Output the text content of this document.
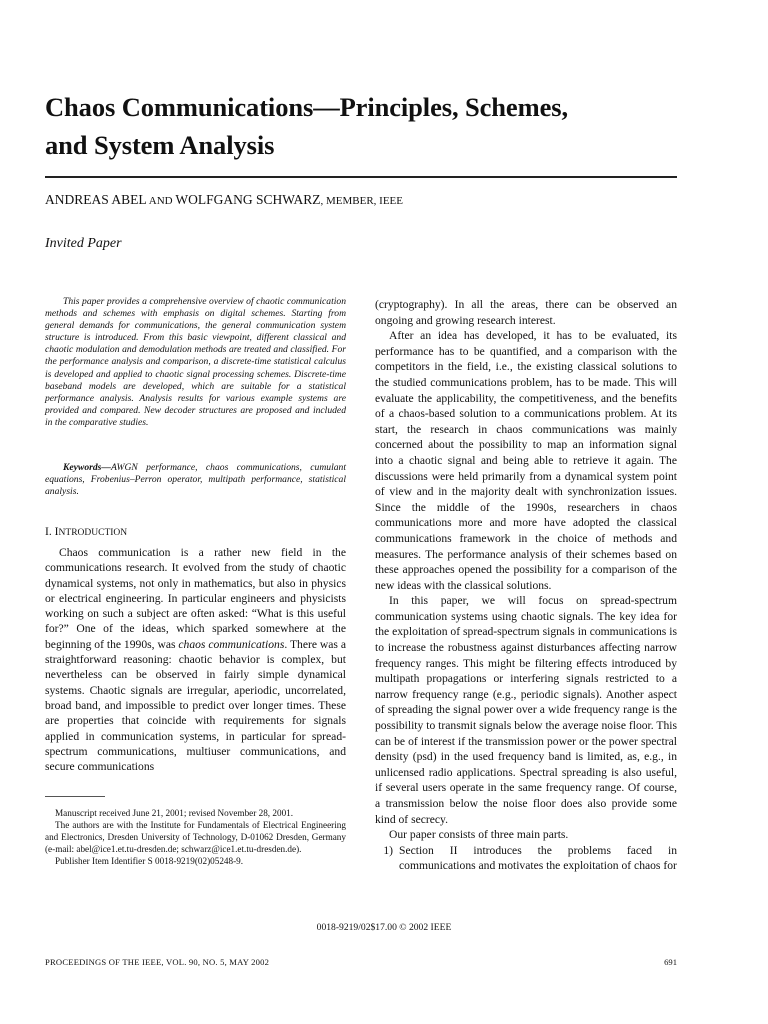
Chaos Communications—Principles, Schemes,
and System Analysis
ANDREAS ABEL AND WOLFGANG SCHWARZ, MEMBER, IEEE
Invited Paper
This paper provides a comprehensive overview of chaotic communication methods and schemes with emphasis on digital schemes. Starting from general demands for communications, the general communication system structure is introduced. From this basic viewpoint, different classical and chaotic modulation and demodulation methods are treated and classified. For the performance analysis and comparison, a discrete-time statistical calculus is developed and applied to chaotic signal processing schemes. Discrete-time baseband models are developed, which are suitable for a statistical performance analysis. Analysis results for various example systems are provided and compared. New decoder structures are proposed and included in the comparative studies.
Keywords—AWGN performance, chaos communications, cumulant equations, Frobenius–Perron operator, multipath performance, statistical analysis.
I. INTRODUCTION

Chaos communication is a rather new field in the communications research. It evolved from the study of chaotic dynamical systems, not only in mathematics, but also in physics or electrical engineering. In particular engineers and physicists working on such a subject are often asked: “What is this useful for?” One of the ideas, which sparked somewhere at the beginning of the 1990s, was chaos communications. There was a straightforward reasoning: chaotic behavior is complex, but nevertheless can be observed in fairly simple dynamical systems. Chaotic signals are irregular, aperiodic, uncorrelated, broad band, and impossible to predict over longer times. These are properties that coincide with requirements for signals applied in communication systems, in particular for spread-spectrum communications, multiuser communications, and secure communications

(cryptography). In all the areas, there can be observed an ongoing and growing research interest.

After an idea has developed, it has to be evaluated, its performance has to be quantified, and a comparison with the competitors in the field, i.e., the existing classical solutions to the studied communications problem, has to be made. This will evaluate the applicability, the competitiveness, and the benefits of a chaos-based solution to a communications problem. At its start, the research in chaos communications was mainly concerned about the possibility to map an information signal into a chaotic signal and being able to retrieve it again. The discussions were held primarily from a dynamical system point of view and in the majority dealt with synchronization issues. Since the middle of the 1990s, researchers in chaos communications more and more have adopted the classical communications framework in the choice of methods and measures. The performance analysis of their schemes based on these approaches opened the possibility for a comparison of the new ideas with the classical solutions.

In this paper, we will focus on spread-spectrum communication systems using chaotic signals. The key idea for the exploitation of spread-spectrum signals in communications is to increase the robustness against disturbances affecting narrow frequency ranges. This might be filtering effects introduced by multipath propagations or interfering signals restricted to a narrow frequency range (e.g., periodic signals). Another aspect of spreading the signal power over a wide frequency range is the possibility to transmit signals below the average noise floor. This can be of interest if the transmission power or the power spectral density (psd) in the used frequency band is limited, as, e.g., in unlicensed radio applications. Spectral spreading is also useful, if several users operate in the same frequency range. Of course, a transmission below the noise floor does also provide some kind of secrecy.

Our paper consists of three main parts.

1) Section II introduces the problems faced in communications and motivates the exploitation of chaos for

Manuscript received June 21, 2001; revised November 28, 2001.

The authors are with the Institute for Fundamentals of Electrical Engineering and Electronics, Dresden University of Technology, D-01062 Dresden, Germany (e-mail: abel@ice1.et.tu-dresden.de; schwarz@ice1.et.tu-dresden.de).

Publisher Item Identifier S 0018-9219(02)05248-9.

0018-9219/02$17.00 © 2002 IEEE
PROCEEDINGS OF THE IEEE, VOL. 90, NO. 5, MAY 2002	691
